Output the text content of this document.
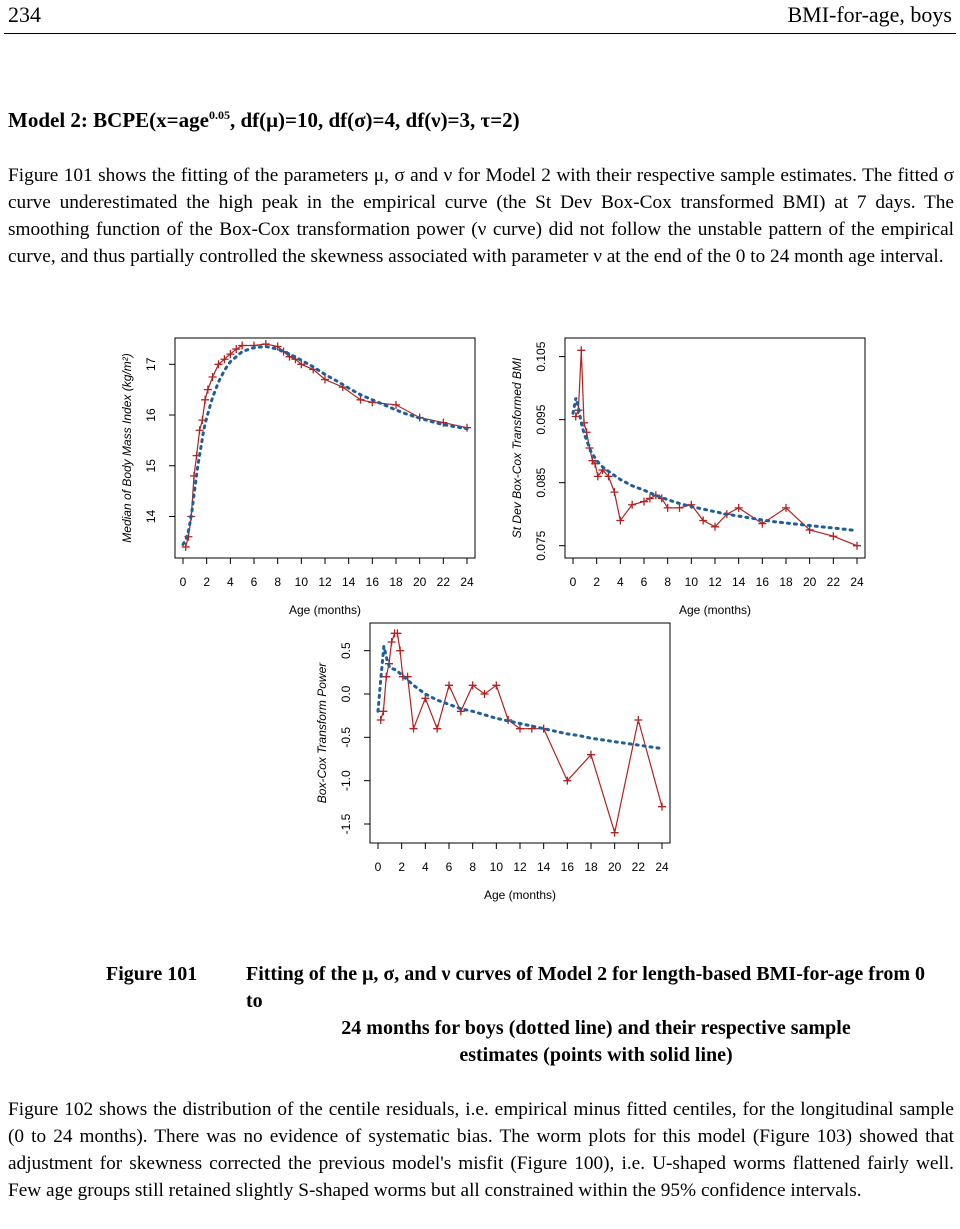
234	BMI-for-age, boys
Model 2: BCPE(x=age$^{0.05}$, df(μ)=10, df(σ)=4, df(ν)=3, τ=2)
Figure 101 shows the fitting of the parameters μ, σ and ν for Model 2 with their respective sample estimates. The fitted σ curve underestimated the high peak in the empirical curve (the St Dev Box-Cox transformed BMI) at 7 days. The smoothing function of the Box-Cox transformation power (ν curve) did not follow the unstable pattern of the empirical curve, and thus partially controlled the skewness associated with parameter ν at the end of the 0 to 24 month age interval.
0 2 4 6 8 10 12 14 16 18 20 22 24
14
15
16
17
Age (months)
Median of Body Mass Index (kg/m²)
0 2 4 6 8 10 12 14 16 18 20 22 24
0.075
0.085
0.095
0.105
Age (months)
St Dev Box-Cox Transformed BMI
0 2 4 6 8 10 12 14 16 18 20 22 24
-1.5
-1.0
-0.5
0.0
0.5
Age (months)
Box-Cox Transform Power
Figure 101 Fitting of the μ, σ, and ν curves of Model 2 for length-based BMI-for-age from 0 to
24 months for boys (dotted line) and their respective sample
estimates (points with solid line)
Figure 102 shows the distribution of the centile residuals, i.e. empirical minus fitted centiles, for the longitudinal sample (0 to 24 months). There was no evidence of systematic bias. The worm plots for this model (Figure 103) showed that adjustment for skewness corrected the previous model's misfit (Figure 100), i.e. U-shaped worms flattened fairly well. Few age groups still retained slightly S-shaped worms but all constrained within the 95% confidence intervals.
